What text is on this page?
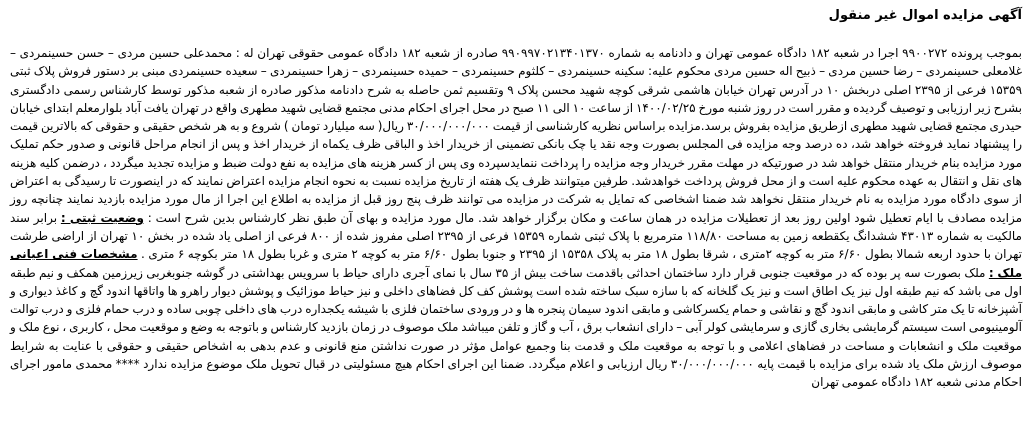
آگهی مزایده اموال غیر منقول
بموجب پرونده ۹۹۰۰۲۷۲ اجرا در شعبه ۱۸۲ دادگاه عمومی تهران و دادنامه به شماره ۹۹۰۹۹۷۰۲۱۳۴۰۱۳۷۰ صادره از شعبه ۱۸۲ دادگاه عمومی حقوقی تهران له : محمدعلی حسین مردی – حسن حسینمردی – غلامعلی حسینمردی – رضا حسین مردی – ذبیح اله حسین مردی محکوم علیه: سکینه حسینمردی – کلثوم حسینمردی – حمیده حسینمردی – زهرا حسینمردی – سعیده حسینمردی مبنی بر دستور فروش پلاک ثبتی ۱۵۳۵۹ فرعی از ۲۳۹۵ اصلی دربخش ۱۰ در آدرس تهران خیابان هاشمی شرقی کوچه شهید محسن پلاک ۹ وتقسیم ثمن حاصله به شرح دادنامه مذکور صادره از شعبه مذکور توسط کارشناس رسمی دادگستری بشرح زیر ارزیابی و توصیف گردیده و مقرر است در روز شنبه مورخ ۱۴۰۰/۰۲/۲۵ از ساعت ۱۰ الی ۱۱ صبح در محل اجرای احکام مدنی مجتمع قضایی شهید مطهری واقع در تهران یافت آباد بلوارمعلم ابتدای خیابان حیدری مجتمع قضایی شهید مطهری ازطریق مزایده بفروش برسد.مزایده براساس نظریه کارشناسی از قیمت ۳۰/۰۰۰/۰۰۰/۰۰۰ ریال( سه میلیارد تومان ) شروع و به هر شخص حقیقی و حقوقی که بالاترین قیمت را پیشنهاد نماید فروخته خواهد شد، ده درصد وجه مزایده فی المجلس بصورت وجه نقد یا چک بانکی تضمینی از خریدار اخذ و الباقی ظرف یکماه از خریدار اخذ و پس از انجام مراحل قانونی و صدور حکم تملیک مورد مزایده بنام خریدار منتقل خواهد شد در صورتیکه در مهلت مقرر خریدار وجه مزایده را پرداخت ننمایدسپرده وی پس از کسر هزینه های مزایده به نفع دولت ضبط و مزایده تجدید میگردد ، درضمن کلیه هزینه های نقل و انتقال به عهده محکوم علیه است و از محل فروش پرداخت خواهدشد. طرفین میتوانند ظرف یک هفته از تاریخ مزایده نسبت به نحوه انجام مزایده اعتراض نمایند که در اینصورت تا رسیدگی به اعتراض از سوی دادگاه مورد مزایده به نام خریدار منتقل نخواهد شد ضمنا اشخاصی که تمایل به شرکت در مزایده می توانند ظرف پنج روز قبل از مزایده به اطلاع این اجرا از مال مورد مزایده بازدید نمایند چنانچه روز مزایده مصادف با ایام تعطیل شود اولین روز بعد از تعطیلات مزایده در همان ساعت و مکان برگزار خواهد شد. مال مورد مزایده و بهای آن طبق نظر کارشناس بدین شرح است : وضعیت ثبتی : برابر سند مالکیت به شماره ۴۳۰۱۳ ششدانگ یکقطعه زمین به مساحت ۱۱۸/۸۰ مترمربع با پلاک ثبتی شماره ۱۵۳۵۹ فرعی از ۲۳۹۵ اصلی مفروز شده از ۸۰۰ فرعی از اصلی یاد شده در بخش ۱۰ تهران از اراضی طرشت تهران با حدود اربعه شمالا بطول ۶/۶۰ متر به کوچه ۲متری ، شرقا بطول ۱۸ متر به پلاک ۱۵۳۵۸ از ۲۳۹۵ و جنوبا بطول ۶/۶۰ متر به کوچه ۲ متری و غربا بطول ۱۸ متر بکوچه ۶ متری . مشخصات فنی اعیانی ملک : ملک بصورت سه پر بوده که در موقعیت جنوبی قرار دارد ساختمان احداثی باقدمت ساخت بیش از ۳۵ سال با نمای آجری دارای حیاط با سرویس بهداشتی در گوشه جنوبغربی زیرزمین همکف و نیم طبقه اول می باشد که نیم طبقه اول نیز یک اطاق است و نیز یک گلخانه که با سازه سبک ساخته شده است پوشش کف کل فضاهای داخلی و نیز حیاط موزائیک و پوشش دیوار راهرو ها واتاقها اندود گچ و کاغذ دیواری و آشپزخانه تا یک متر کاشی و مابقی اندود گچ و نقاشی و حمام یکسرکاشی و مابقی اندود سیمان پنجره ها و در ورودی ساختمان فلزی با شیشه یکجداره درب های داخلی چوبی ساده و درب حمام فلزی و درب توالت آلومینیومی است سیستم گرمایشی بخاری گازی و سرمایشی کولر آبی – دارای انشعاب برق ، آب و گاز و تلفن میباشد ملک موصوف در زمان بازدید کارشناس و باتوجه به وضع و موقعیت محل ، کاربری ، نوع ملک و موقعیت ملک و انشعابات و مساحت در فضاهای اعلامی و با توجه به موقعیت ملک و قدمت بنا وجمیع عوامل مؤثر در صورت نداشتن منع قانونی و عدم بدهی به اشخاص حقیقی و حقوقی با عنایت به شرایط موصوف ارزش ملک یاد شده برای مزایده با قیمت پایه ۳۰/۰۰۰/۰۰۰/۰۰۰ ریال ارزیابی و اعلام میگردد. ضمنا این اجرای احکام هیچ مسئولیتی در قبال تحویل ملک موضوع مزایده ندارد **** محمدی مامور اجرای احکام مدنی شعبه ۱۸۲ دادگاه عمومی تهران
